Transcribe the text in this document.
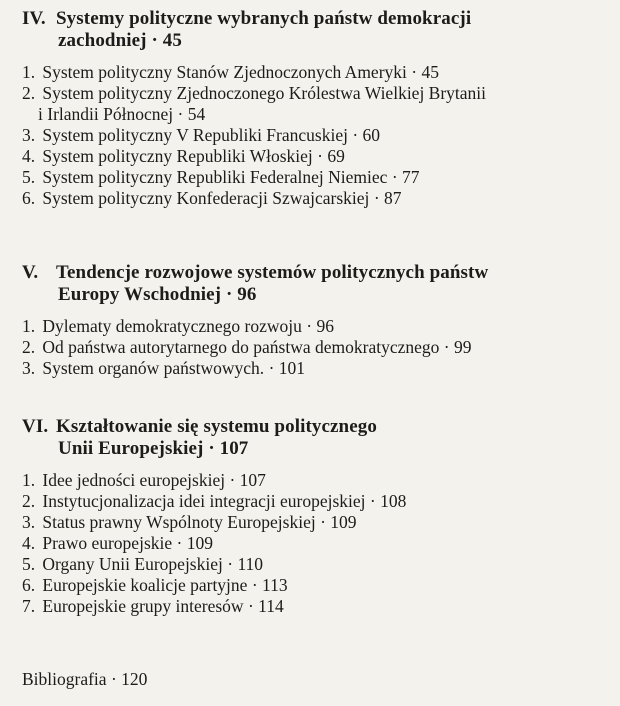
IV. Systemy polityczne wybranych państw demokracji
zachodniej · 45
1. System polityczny Stanów Zjednoczonych Ameryki · 45
2. System polityczny Zjednoczonego Królestwa Wielkiej Brytanii
i Irlandii Północnej · 54
3. System polityczny V Republiki Francuskiej · 60
4. System polityczny Republiki Włoskiej · 69
5. System polityczny Republiki Federalnej Niemiec · 77
6. System polityczny Konfederacji Szwajcarskiej · 87
V. Tendencje rozwojowe systemów politycznych państw
Europy Wschodniej · 96
1. Dylematy demokratycznego rozwoju · 96
2. Od państwa autorytarnego do państwa demokratycznego · 99
3. System organów państwowych. · 101
VI. Kształtowanie się systemu politycznego
Unii Europejskiej · 107
1. Idee jedności europejskiej · 107
2. Instytucjonalizacja idei integracji europejskiej · 108
3. Status prawny Wspólnoty Europejskiej · 109
4. Prawo europejskie · 109
5. Organy Unii Europejskiej · 110
6. Europejskie koalicje partyjne · 113
7. Europejskie grupy interesów · 114
Bibliografia · 120
